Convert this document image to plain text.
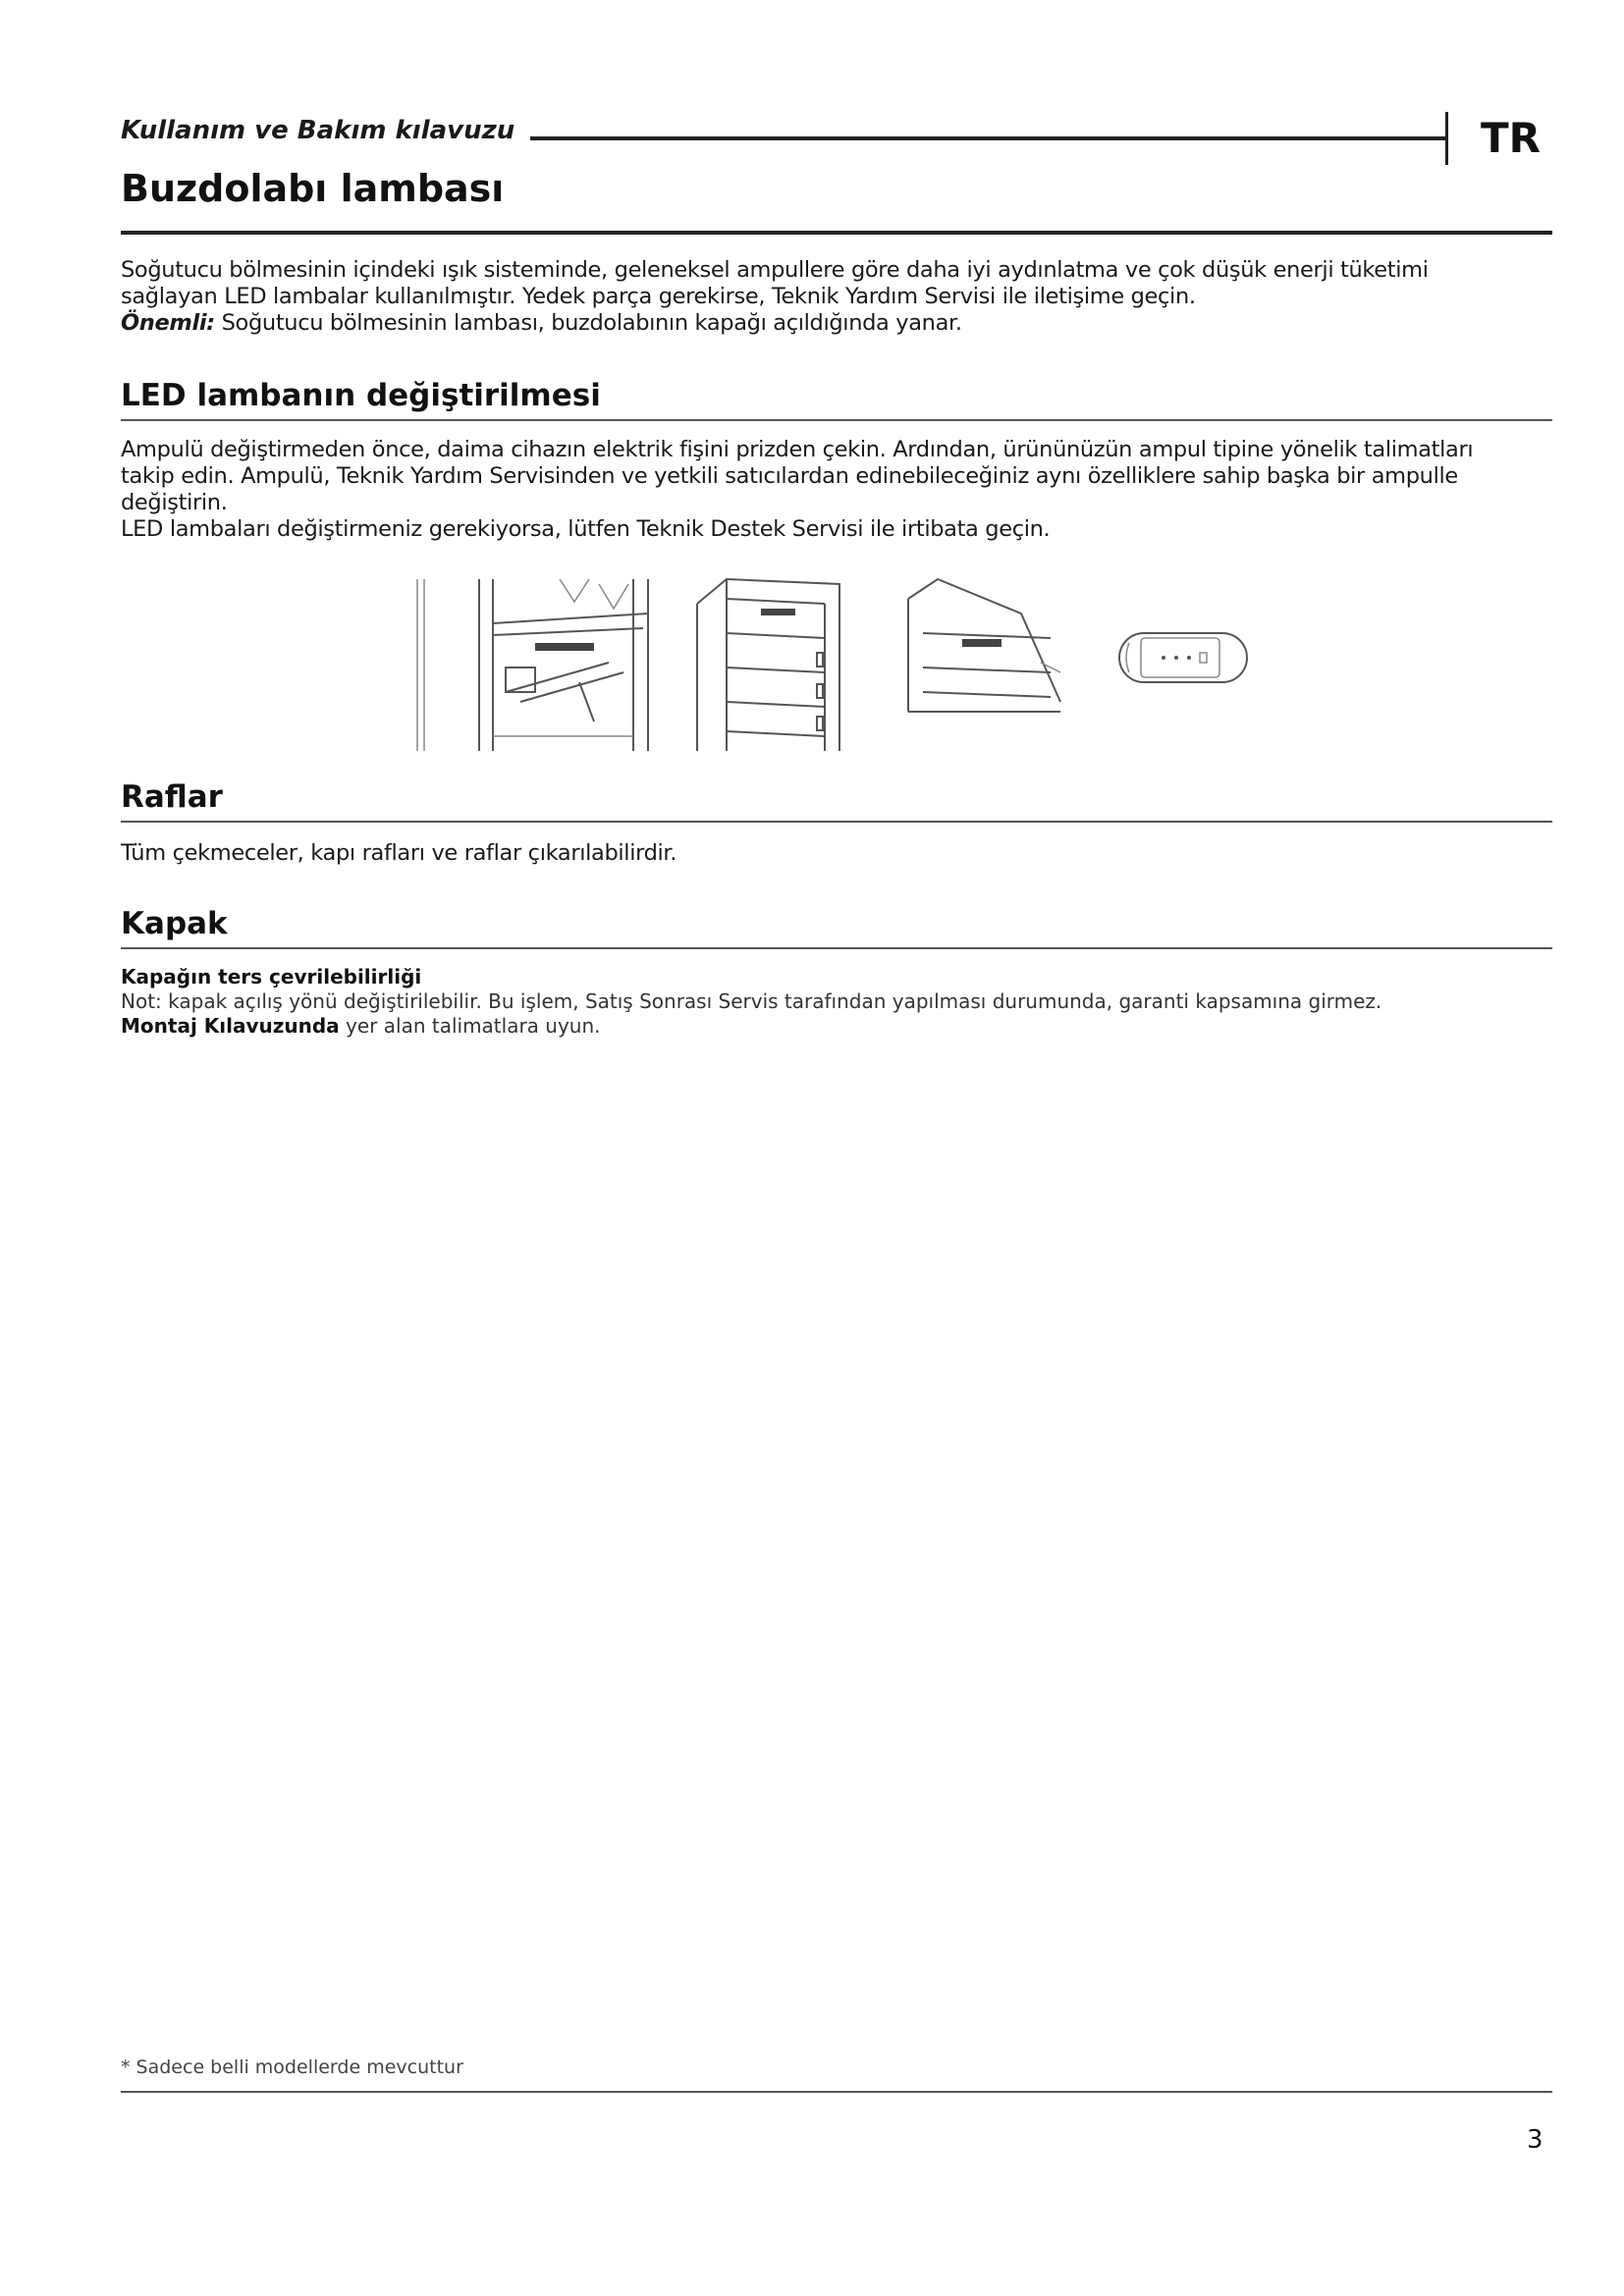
Kullanım ve Bakım kılavuzu	TR
Buzdolabı lambası

Soğutucu bölmesinin içindeki ışık sisteminde, geleneksel ampullere göre daha iyi aydınlatma ve çok düşük enerji tüketimi

sağlayan LED lambalar kullanılmıştır. Yedek parça gerekirse, Teknik Yardım Servisi ile iletişime geçin.

Önemli: Soğutucu bölmesinin lambası, buzdolabının kapağı açıldığında yanar.

LED lambanın değiştirilmesi

Ampulü değiştirmeden önce, daima cihazın elektrik fişini prizden çekin. Ardından, ürününüzün ampul tipine yönelik talimatları

takip edin. Ampulü, Teknik Yardım Servisinden ve yetkili satıcılardan edinebileceğiniz aynı özelliklere sahip başka bir ampulle

değiştirin.

LED lambaları değiştirmeniz gerekiyorsa, lütfen Teknik Destek Servisi ile irtibata geçin.

Raflar
Tüm çekmeceler, kapı rafları ve raflar çıkarılabilirdir.
Kapak

Kapağın ters çevrilebilirliği

Not: kapak açılış yönü değiştirilebilir. Bu işlem, Satış Sonrası Servis tarafından yapılması durumunda, garanti kapsamına girmez.

Montaj Kılavuzunda yer alan talimatlara uyun.

* Sadece belli modellerde mevcuttur
3
